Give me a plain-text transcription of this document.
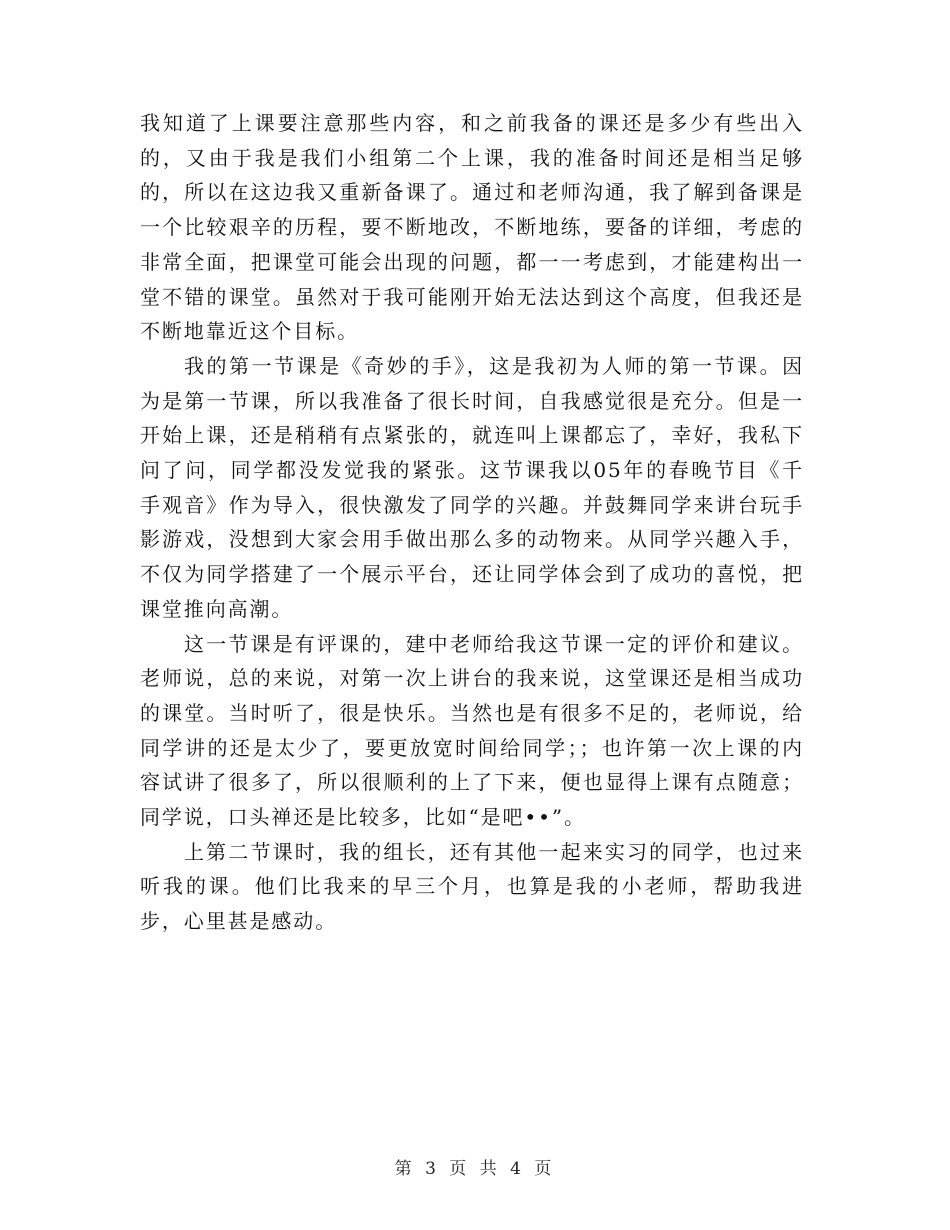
我知道了上课要注意那些内容，和之前我备的课还是多少有些出入的，又由于我是我们小组第二个上课，我的准备时间还是相当足够的，所以在这边我又重新备课了。通过和老师沟通，我了解到备课是一个比较艰辛的历程，要不断地改，不断地练，要备的详细，考虑的非常全面，把课堂可能会出现的问题，都一一考虑到，才能建构出一堂不错的课堂。虽然对于我可能刚开始无法达到这个高度，但我还是不断地靠近这个目标。

我的第一节课是《奇妙的手》，这是我初为人师的第一节课。因为是第一节课，所以我准备了很长时间，自我感觉很是充分。但是一开始上课，还是稍稍有点紧张的，就连叫上课都忘了，幸好，我私下问了问，同学都没发觉我的紧张。这节课我以05年的春晚节目《千手观音》作为导入，很快激发了同学的兴趣。并鼓舞同学来讲台玩手影游戏，没想到大家会用手做出那么多的动物来。从同学兴趣入手，不仅为同学搭建了一个展示平台，还让同学体会到了成功的喜悦，把课堂推向高潮。

这一节课是有评课的，建中老师给我这节课一定的评价和建议。老师说，总的来说，对第一次上讲台的我来说，这堂课还是相当成功的课堂。当时听了，很是快乐。当然也是有很多不足的，老师说，给同学讲的还是太少了，要更放宽时间给同学；；也许第一次上课的内容试讲了很多了，所以很顺利的上了下来，便也显得上课有点随意；同学说，口头禅还是比较多，比如“是吧••”。

上第二节课时，我的组长，还有其他一起来实习的同学，也过来听我的课。他们比我来的早三个月，也算是我的小老师，帮助我进步，心里甚是感动。

第 3 页 共 4 页
